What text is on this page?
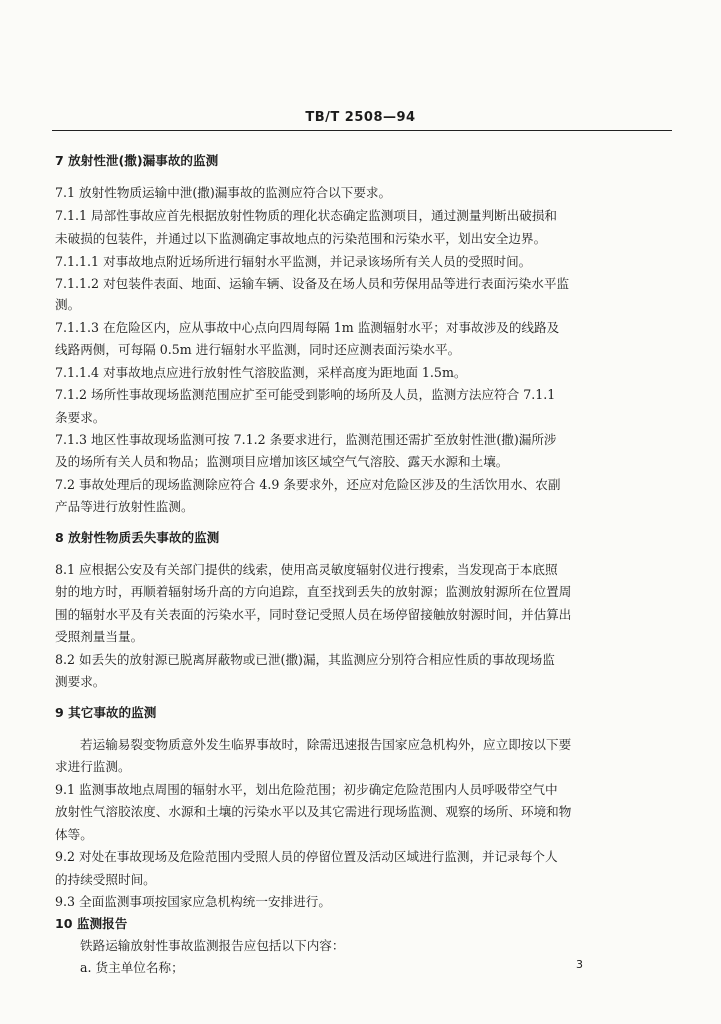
TB/T 2508—94
7 放射性泄(撒)漏事故的监测
7.1 放射性物质运输中泄(撒)漏事故的监测应符合以下要求。
7.1.1 局部性事故应首先根据放射性物质的理化状态确定监测项目，通过测量判断出破损和
未破损的包装件，并通过以下监测确定事故地点的污染范围和污染水平，划出安全边界。
7.1.1.1 对事故地点附近场所进行辐射水平监测，并记录该场所有关人员的受照时间。
7.1.1.2 对包装件表面、地面、运输车辆、设备及在场人员和劳保用品等进行表面污染水平监
测。
7.1.1.3 在危险区内，应从事故中心点向四周每隔 1m 监测辐射水平；对事故涉及的线路及
线路两侧，可每隔 0.5m 进行辐射水平监测，同时还应测表面污染水平。
7.1.1.4 对事故地点应进行放射性气溶胶监测，采样高度为距地面 1.5m。
7.1.2 场所性事故现场监测范围应扩至可能受到影响的场所及人员，监测方法应符合 7.1.1
条要求。
7.1.3 地区性事故现场监测可按 7.1.2 条要求进行，监测范围还需扩至放射性泄(撒)漏所涉
及的场所有关人员和物品；监测项目应增加该区域空气气溶胶、露天水源和土壤。
7.2 事故处理后的现场监测除应符合 4.9 条要求外，还应对危险区涉及的生活饮用水、农副
产品等进行放射性监测。
8 放射性物质丢失事故的监测
8.1 应根据公安及有关部门提供的线索，使用高灵敏度辐射仪进行搜索，当发现高于本底照
射的地方时，再顺着辐射场升高的方向追踪，直至找到丢失的放射源；监测放射源所在位置周
围的辐射水平及有关表面的污染水平，同时登记受照人员在场停留接触放射源时间，并估算出
受照剂量当量。
8.2 如丢失的放射源已脱离屏蔽物或已泄(撒)漏，其监测应分别符合相应性质的事故现场监
测要求。
9 其它事故的监测
若运输易裂变物质意外发生临界事故时，除需迅速报告国家应急机构外，应立即按以下要
求进行监测。
9.1 监测事故地点周围的辐射水平，划出危险范围；初步确定危险范围内人员呼吸带空气中
放射性气溶胶浓度、水源和土壤的污染水平以及其它需进行现场监测、观察的场所、环境和物
体等。
9.2 对处在事故现场及危险范围内受照人员的停留位置及活动区域进行监测，并记录每个人
的持续受照时间。
9.3 全面监测事项按国家应急机构统一安排进行。
10 监测报告
铁路运输放射性事故监测报告应包括以下内容：
a. 货主单位名称；	3
